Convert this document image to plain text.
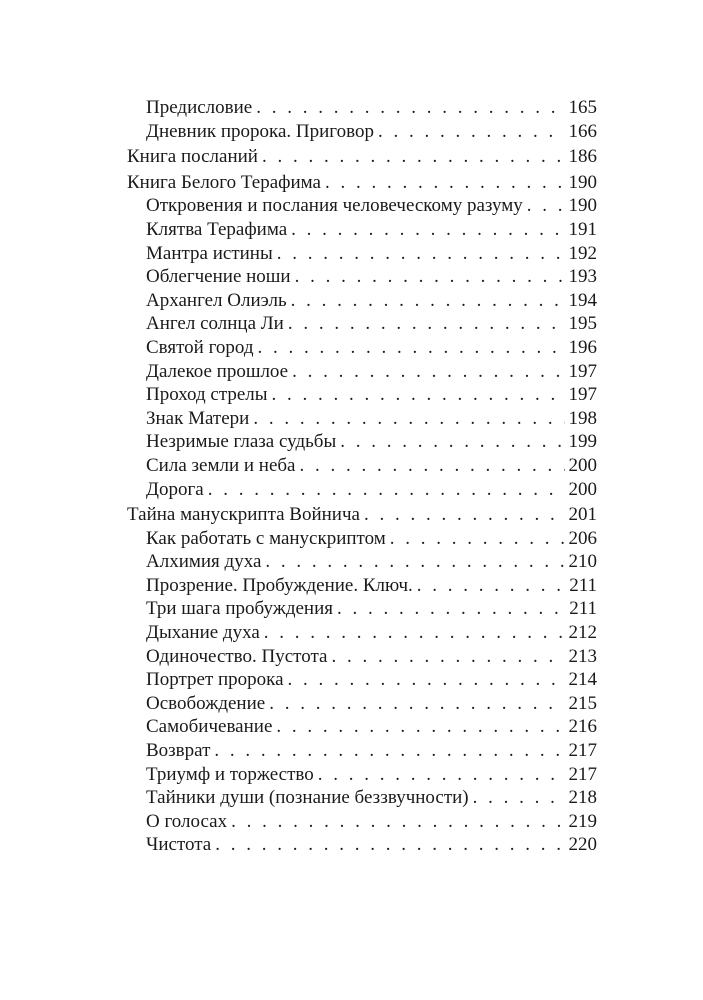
Предисловие . . .	165
Дневник пророка. Приговор . . .	166
Книга посланий . . .	186
Книга Белого Терафима . . .	190
Откровения и послания человеческому разуму . . . 190
Клятва Терафима . . .	191
Мантра истины . . .	192
Облегчение ноши . . .	193
Архангел Олиэль . . .	194
Ангел солнца Ли . . .	195
Святой город . . .	196
Далекое прошлое . . .	197
Проход стрелы . . .	197
Знак Матери . . .	198
Незримые глаза судьбы . . .	199
Сила земли и неба . . .	200
Дорога . . .	200
Тайна манускрипта Войнича . . .	201
Как работать с манускриптом . . .	206
Алхимия духа . . .	210
Прозрение. Пробуждение. Ключ. . . .	211
Три шага пробуждения . . .	211
Дыхание духа . . .	212
Одиночество. Пустота . . .	213
Портрет пророка . . .	214
Освобождение . . .	215
Самобичевание . . .	216
Возврат . . .	217
Триумф и торжество . . .	217
Тайники души (познание беззвучности) . . .	218
О голосах . . .	219
Чистота . . .	220
